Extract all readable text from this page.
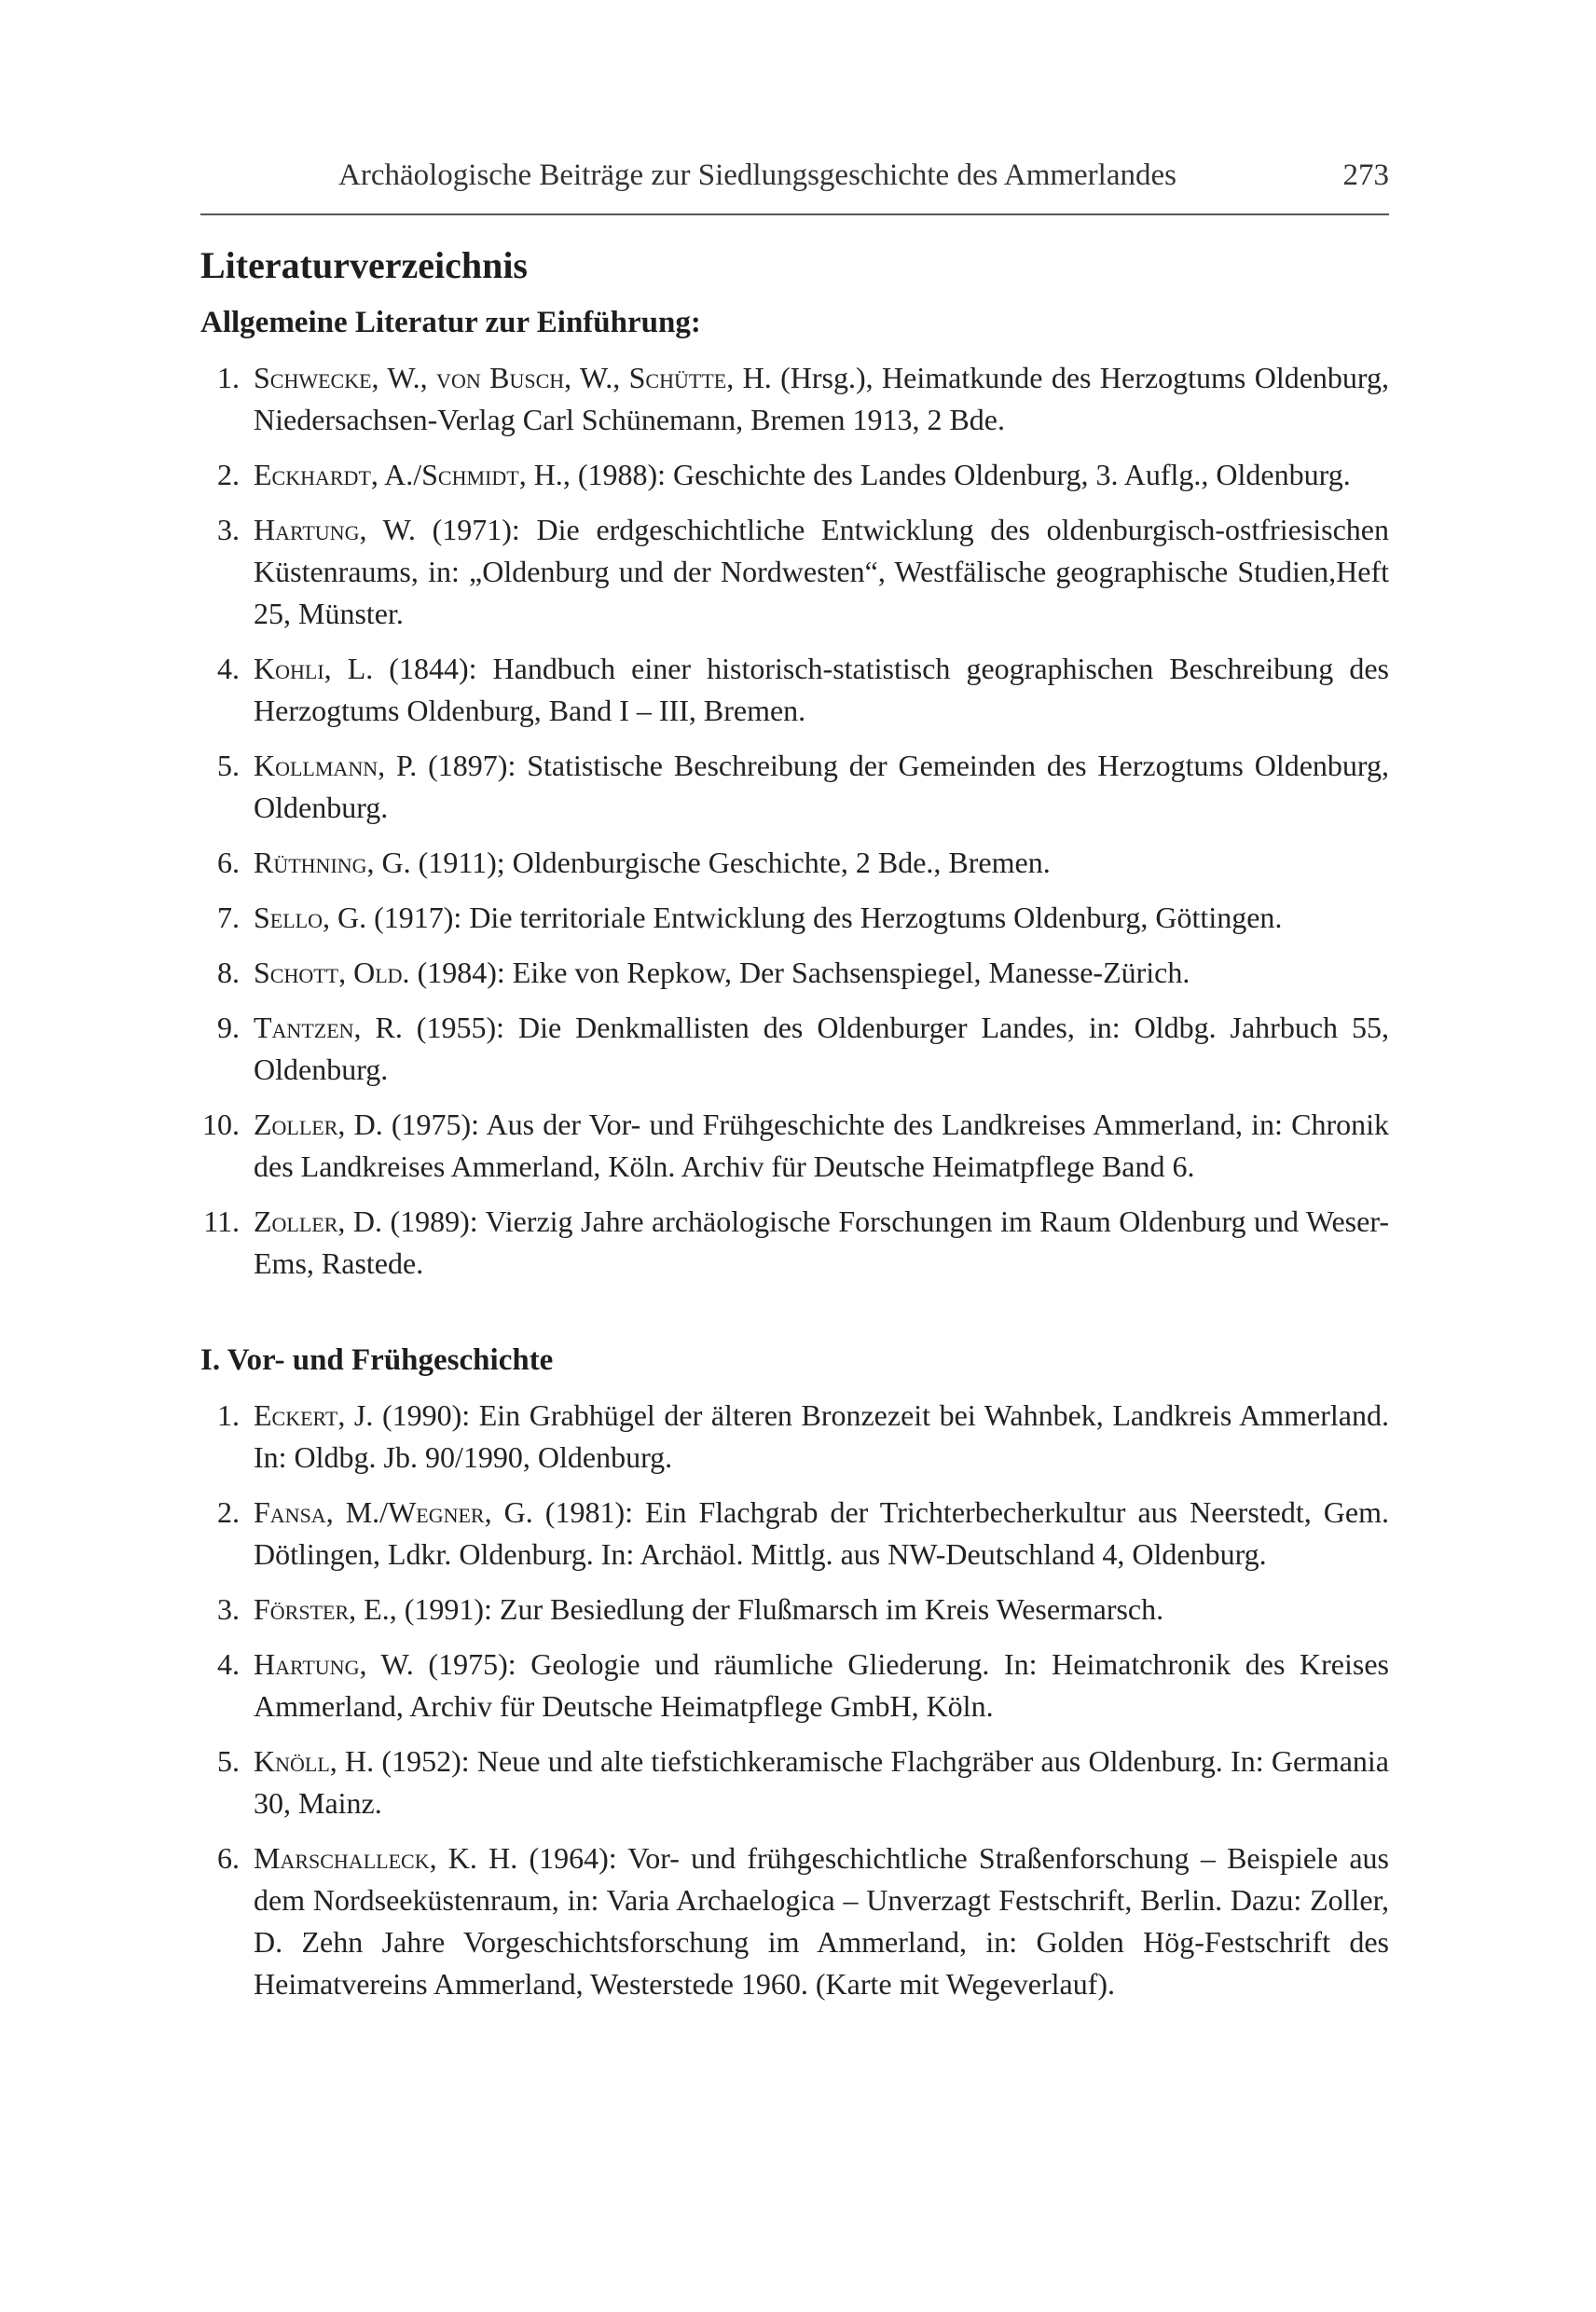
Archäologische Beiträge zur Siedlungsgeschichte des Ammerlandes	273
Literaturverzeichnis
Allgemeine Literatur zur Einführung:
1. Schwecke, W., von Busch, W., Schütte, H. (Hrsg.), Heimatkunde des Herzogtums Oldenburg, Niedersachsen-Verlag Carl Schünemann, Bremen 1913, 2 Bde.
2. Eckhardt, A./Schmidt, H., (1988): Geschichte des Landes Oldenburg, 3. Auflg., Oldenburg.
3. Hartung, W. (1971): Die erdgeschichtliche Entwicklung des oldenburgisch-ostfriesischen Küstenraums, in: „Oldenburg und der Nordwesten“, Westfälische geographische Studien,Heft 25, Münster.
4. Kohli, L. (1844): Handbuch einer historisch-statistisch geographischen Beschreibung des Herzogtums Oldenburg, Band I – III, Bremen.
5. Kollmann, P. (1897): Statistische Beschreibung der Gemeinden des Herzogtums Oldenburg, Oldenburg.
6. Rüthning, G. (1911); Oldenburgische Geschichte, 2 Bde., Bremen.
7. Sello, G. (1917): Die territoriale Entwicklung des Herzogtums Oldenburg, Göttingen.
8. Schott, Old. (1984): Eike von Repkow, Der Sachsenspiegel, Manesse-Zürich.
9. Tantzen, R. (1955): Die Denkmallisten des Oldenburger Landes, in: Oldbg. Jahrbuch 55, Oldenburg.
10. Zoller, D. (1975): Aus der Vor- und Frühgeschichte des Landkreises Ammerland, in: Chronik des Landkreises Ammerland, Köln. Archiv für Deutsche Heimatpflege Band 6.
11. Zoller, D. (1989): Vierzig Jahre archäologische Forschungen im Raum Oldenburg und Weser-Ems, Rastede.
I. Vor- und Frühgeschichte
1. Eckert, J. (1990): Ein Grabhügel der älteren Bronzezeit bei Wahnbek, Landkreis Ammerland. In: Oldbg. Jb. 90/1990, Oldenburg.
2. Fansa, M./Wegner, G. (1981): Ein Flachgrab der Trichterbecherkultur aus Neerstedt, Gem. Dötlingen, Ldkr. Oldenburg. In: Archäol. Mittlg. aus NW-Deutschland 4, Oldenburg.
3. Förster, E., (1991): Zur Besiedlung der Flußmarsch im Kreis Wesermarsch.
4. Hartung, W. (1975): Geologie und räumliche Gliederung. In: Heimatchronik des Kreises Ammerland, Archiv für Deutsche Heimatpflege GmbH, Köln.
5. Knöll, H. (1952): Neue und alte tiefstichkeramische Flachgräber aus Oldenburg. In: Germania 30, Mainz.
6. Marschalleck, K. H. (1964): Vor- und frühgeschichtliche Straßenforschung – Beispiele aus dem Nordseeküstenraum, in: Varia Archaelogica – Unverzagt Festschrift, Berlin. Dazu: Zoller, D. Zehn Jahre Vorgeschichtsforschung im Ammerland, in: Golden Hög-Festschrift des Heimatvereins Ammerland, Westerstede 1960. (Karte mit Wegeverlauf).
